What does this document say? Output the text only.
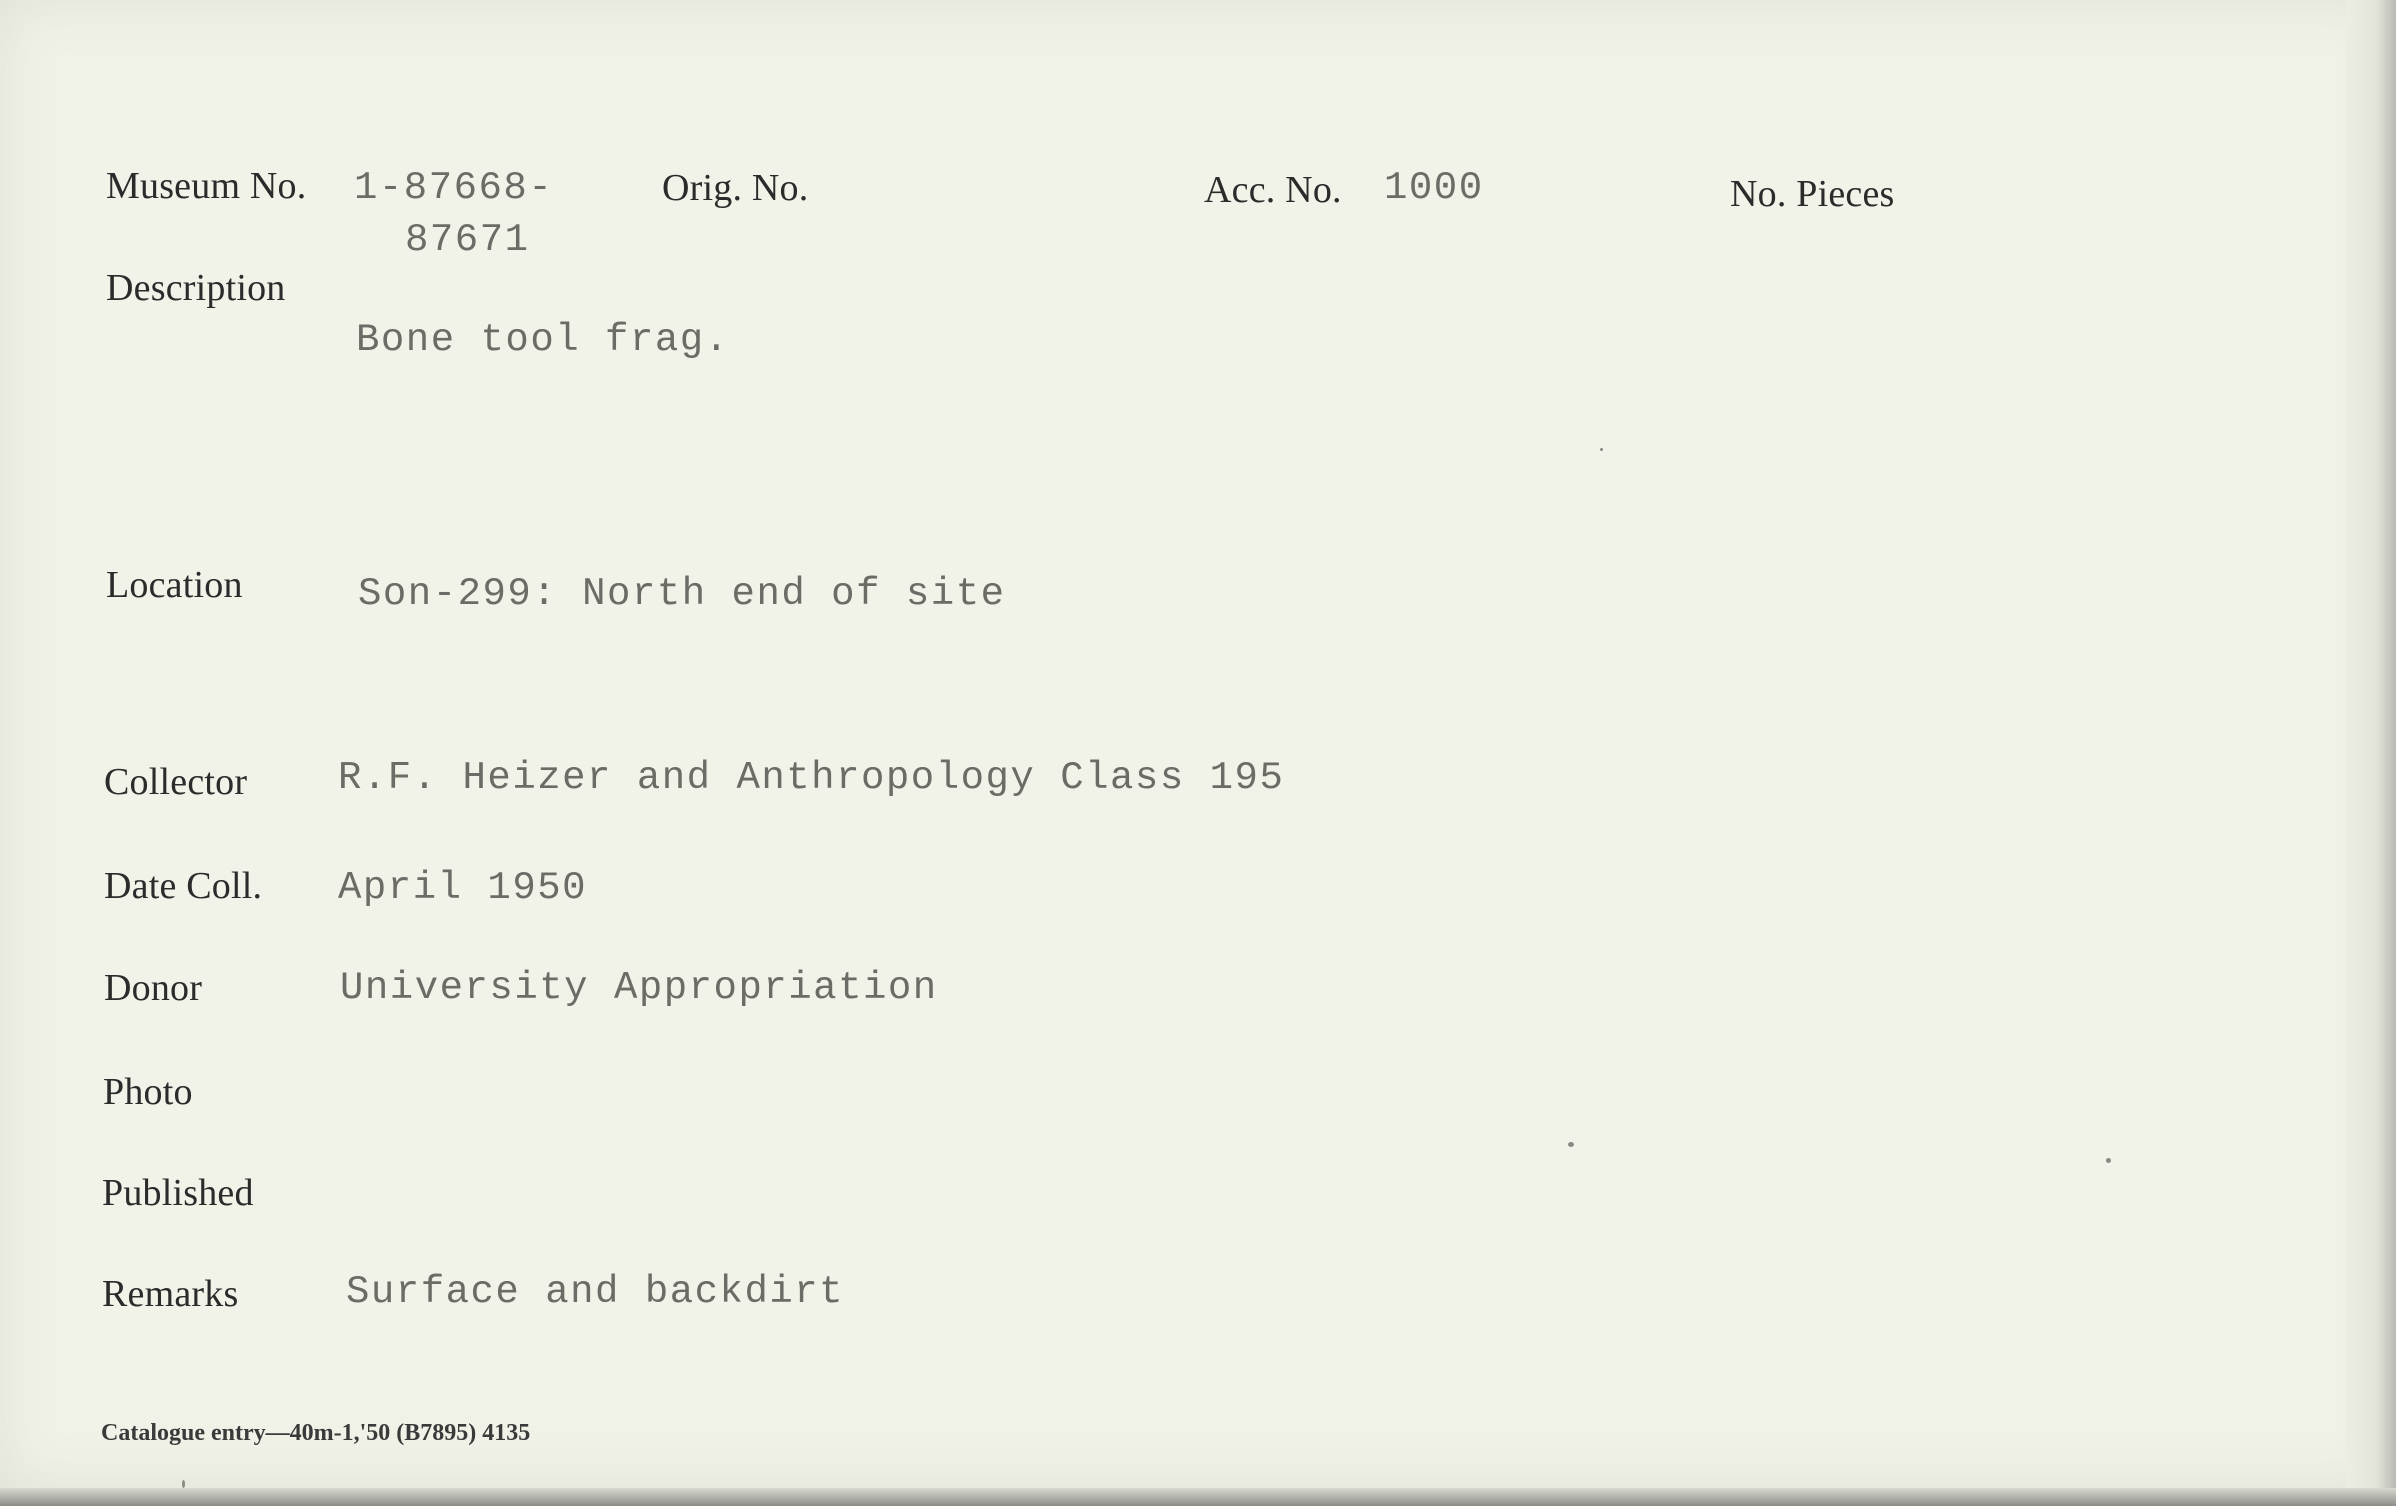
Museum No. 1-87668-
87671
Orig. No.	Acc. No. 1000	No. Pieces
Description
Bone tool frag.
Location	Son-299: North end of site
Collector R.F. Heizer and Anthropology Class 195
Date Coll. April 1950
Donor	University Appropriation
Photo
Published
Remarks	Surface and backdirt
Catalogue entry—40m-1,'50 (B7895) 4135
